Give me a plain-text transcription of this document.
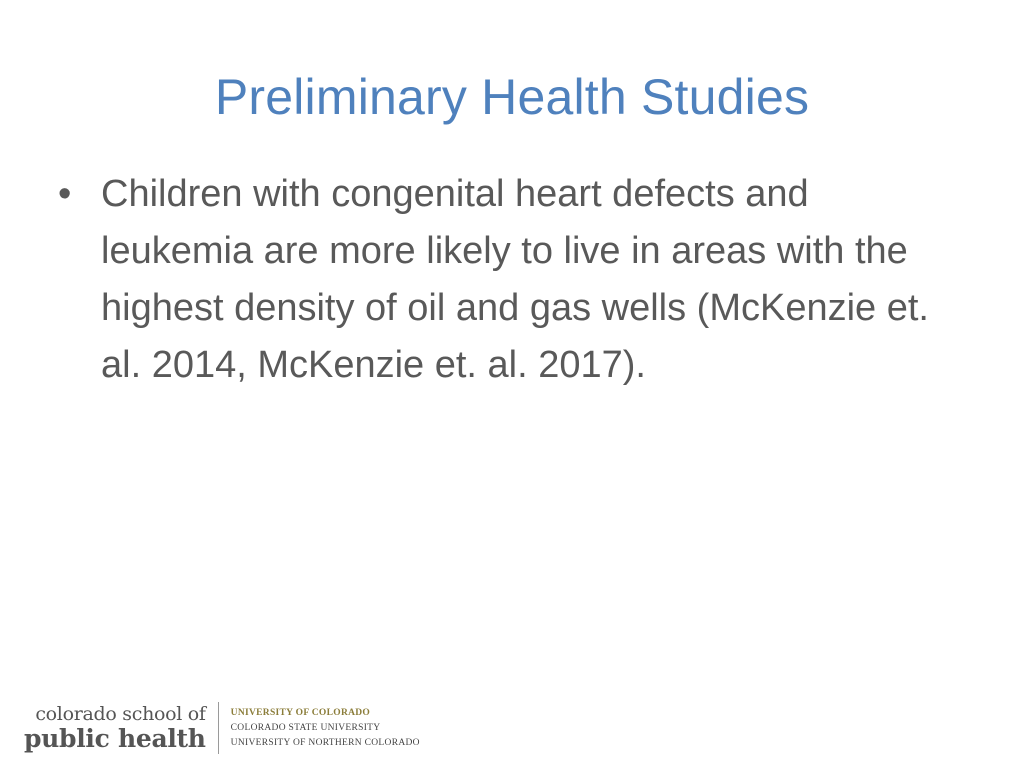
Preliminary Health Studies
• Children with congenital heart defects and leukemia are more likely to live in areas with the highest density of oil and gas wells (McKenzie et. al. 2014, McKenzie et. al. 2017).
colorado school of
public health
UNIVERSITY OF COLORADO
COLORADO STATE UNIVERSITY
UNIVERSITY OF NORTHERN COLORADO
